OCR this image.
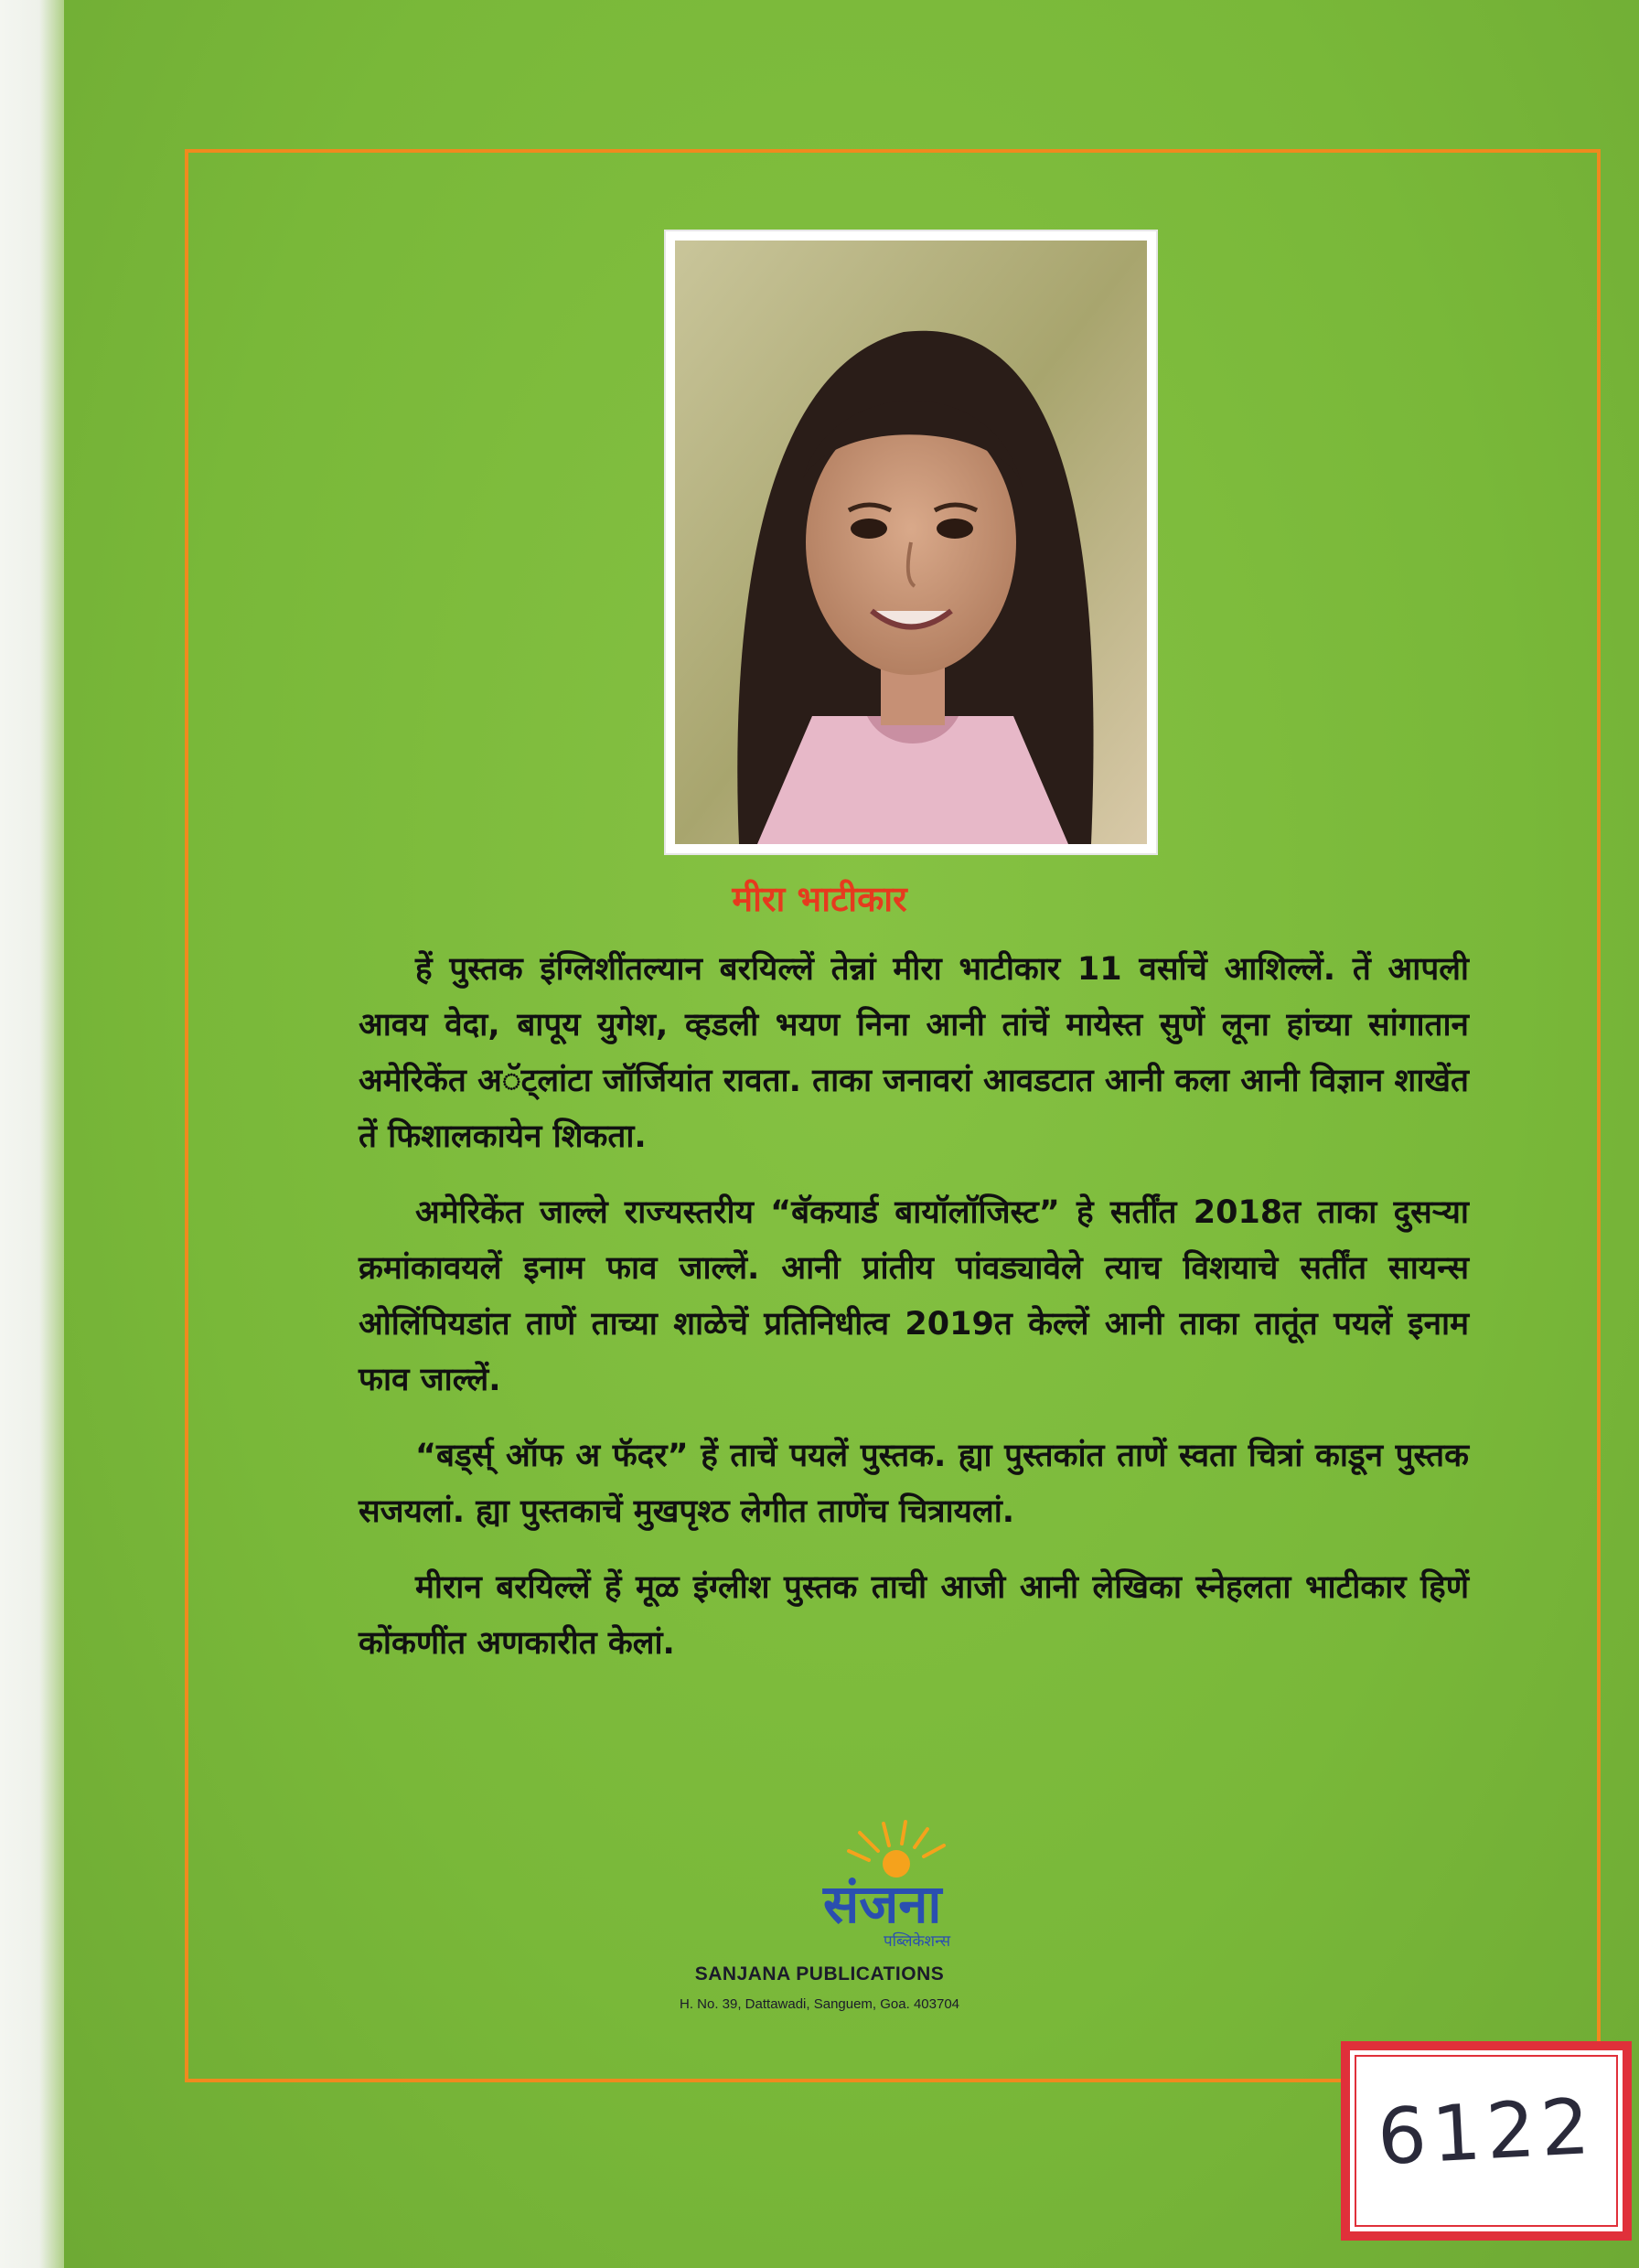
मीरा भाटीकार

हें पुस्तक इंग्लिशींतल्यान बरयिल्लें तेन्नां मीरा भाटीकार 11 वर्साचें आशिल्लें. तें आपली आवय वेदा, बापूय युगेश, व्हडली भयण निना आनी तांचें मायेस्त सुणें लूना हांच्या सांगातान अमेरिकेंत अॅट्लांटा जॉर्जियांत रावता. ताका जनावरां आवडटात आनी कला आनी विज्ञान शाखेंत तें फिशालकायेन शिकता.

अमेरिकेंत जाल्ले राज्यस्तरीय “बॅकयार्ड बायॉलॉजिस्ट” हे सर्तींत 2018त ताका दुसऱ्या क्रमांकावयलें इनाम फाव जाल्लें. आनी प्रांतीय पांवड्यावेले त्याच विशयाचे सर्तींत सायन्स ओलिंपियडांत ताणें ताच्या शाळेचें प्रतिनिधीत्व 2019त केल्लें आनी ताका तातूंत पयलें इनाम फाव जाल्लें.

“बड्‌र्स् ऑफ अ फॅदर” हें ताचें पयलें पुस्तक. ह्या पुस्तकांत ताणें स्वता चित्रां काडून पुस्तक सजयलां. ह्या पुस्तकाचें मुखपृश्ठ लेगीत ताणेंच चित्रायलां.

मीरान बरयिल्लें हें मूळ इंग्लीश पुस्तक ताची आजी आनी लेखिका स्नेहलता भाटीकार हिणें कोंकणींत अणकारीत केलां.

संजना
पब्लिकेशन्स
SANJANA PUBLICATIONS
H. No. 39, Dattawadi, Sanguem, Goa. 403704
6122
